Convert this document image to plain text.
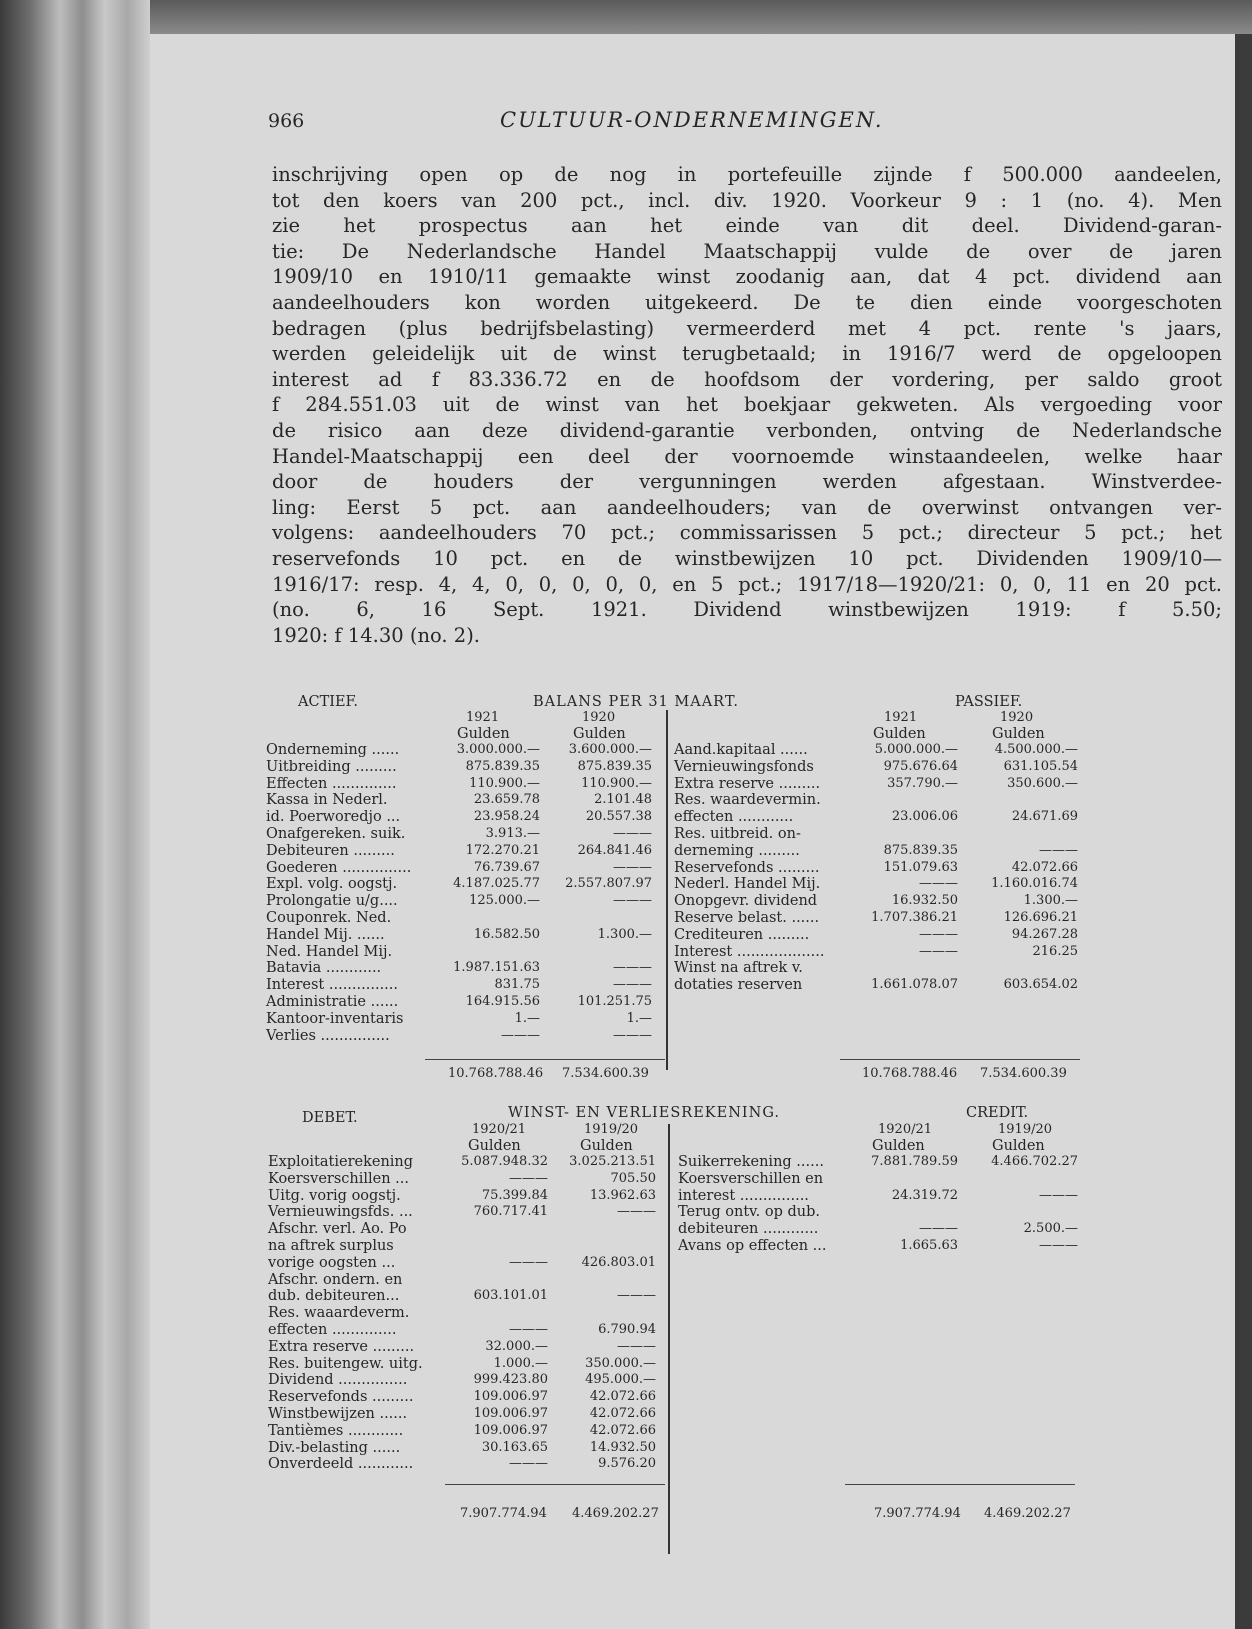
966	CULTUUR-ONDERNEMINGEN.
inschrijving open op de nog in portefeuille zijnde f 500.000 aandeelen,
tot den koers van 200 pct., incl. div. 1920. Voorkeur 9 : 1 (no. 4). Men
zie het prospectus aan het einde van dit deel. Dividend-garan-
tie: De Nederlandsche Handel Maatschappij vulde de over de jaren
1909/10 en 1910/11 gemaakte winst zoodanig aan, dat 4 pct. dividend aan
aandeelhouders kon worden uitgekeerd. De te dien einde voorgeschoten
bedragen (plus bedrijfsbelasting) vermeerderd met 4 pct. rente 's jaars,
werden geleidelijk uit de winst terugbetaald; in 1916/7 werd de opgeloopen
interest ad f 83.336.72 en de hoofdsom der vordering, per saldo groot
f 284.551.03 uit de winst van het boekjaar gekweten. Als vergoeding voor
de risico aan deze dividend-garantie verbonden, ontving de Nederlandsche
Handel-Maatschappij een deel der voornoemde winstaandeelen, welke haar
door de houders der vergunningen werden afgestaan. Winstverdee-
ling: Eerst 5 pct. aan aandeelhouders; van de overwinst ontvangen ver-
volgens: aandeelhouders 70 pct.; commissarissen 5 pct.; directeur 5 pct.; het
reservefonds 10 pct. en de winstbewijzen 10 pct. Dividenden 1909/10—
1916/17: resp. 4, 4, 0, 0, 0, 0, 0, en 5 pct.; 1917/18—1920/21: 0, 0, 11 en 20 pct.
(no. 6, 16 Sept. 1921. Dividend winstbewijzen 1919: f 5.50;
1920: f 14.30 (no. 2).
ACTIEF.	BALANS PER 31 MAART.	PASSIEF.
1921	1920
Gulden	Gulden
1921	1920
Gulden	Gulden
Onderneming ......	3.000.000.— 3.600.000.—
Uitbreiding .........	875.839.35	875.839.35
Effecten ..............	110.900.—	110.900.—
Kassa in Nederl.	23.659.78	2.101.48
id. Poerworedjo ...	23.958.24	20.557.38
Onafgereken. suik.	3.913.—	———
Debiteuren .........	172.270.21	264.841.46
Goederen ...............	76.739.67	———
Expl. volg. oogstj.	4.187.025.77 2.557.807.97
Prolongatie u/g....	125.000.—	———
Couponrek. Ned.
Handel Mij. ......	16.582.50	1.300.—
Ned. Handel Mij.
Batavia ............	1.987.151.63	———
Interest ...............	831.75	———
Administratie ......	164.915.56	101.251.75
Kantoor-inventaris	1.—	1.—
Verlies ...............	———	———
Aand.kapitaal ......	5.000.000.—	4.500.000.—
Vernieuwingsfonds	975.676.64	631.105.54
Extra reserve .........	357.790.—	350.600.—
Res. waardevermin.
effecten ............	23.006.06	24.671.69
Res. uitbreid. on-
derneming .........	875.839.35	———
Reservefonds .........	151.079.63	42.072.66
Nederl. Handel Mij.	———	1.160.016.74
Onopgevr. dividend	16.932.50	1.300.—
Reserve belast. ......	1.707.386.21	126.696.21
Crediteuren .........	———	94.267.28
Interest ...................	———	216.25
Winst na aftrek v.
dotaties reserven	1.661.078.07	603.654.02
10.768.788.46 7.534.600.39	10.768.788.46 7.534.600.39
DEBET.	WINST- EN VERLIESREKENING.	CREDIT.
1920/21	1919/20
Gulden	Gulden
1920/21	1919/20
Gulden	Gulden
Exploitatierekening	5.087.948.32 3.025.213.51
Koersverschillen ...	———	705.50
Uitg. vorig oogstj.	75.399.84	13.962.63
Vernieuwingsfds. ...	760.717.41	———
Afschr. verl. Ao. Po
na aftrek surplus
vorige oogsten ...	———	426.803.01
Afschr. ondern. en
dub. debiteuren...	603.101.01	———
Res. waaardeverm.
effecten ..............	———	6.790.94
Extra reserve .........	32.000.—	———
Res. buitengew. uitg.	1.000.—	350.000.—
Dividend ...............	999.423.80	495.000.—
Reservefonds .........	109.006.97	42.072.66
Winstbewijzen ......	109.006.97	42.072.66
Tantièmes ............	109.006.97	42.072.66
Div.-belasting ......	30.163.65	14.932.50
Onverdeeld ............	———	9.576.20
Suikerrekening ......	7.881.789.59	4.466.702.27
Koersverschillen en
interest ...............	24.319.72	———
Terug ontv. op dub.
debiteuren ............	———	2.500.—
Avans op effecten ...	1.665.63	———
7.907.774.94 4.469.202.27	7.907.774.94 4.469.202.27
